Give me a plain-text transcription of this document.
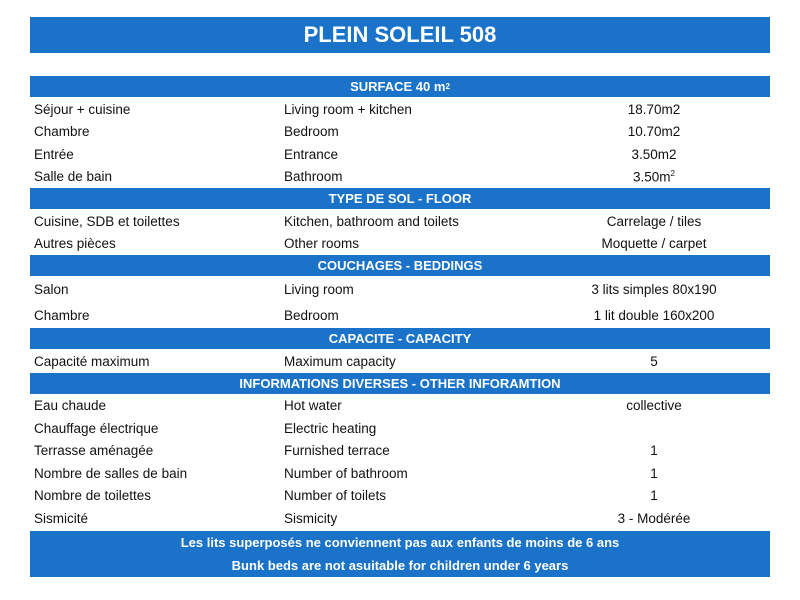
PLEIN SOLEIL 508
SURFACE 40 m 2
Séjour + cuisine	Living room + kitchen	18.70m2
Chambre	Bedroom	10.70m2
Entrée	Entrance	3.50m2
Salle de bain	Bathroom	$3.50m^2$
TYPE DE SOL - FLOOR
Cuisine, SDB et toilettes	Kitchen, bathroom and toilets	Carrelage / tiles
Autres pièces	Other rooms	Moquette / carpet
COUCHAGES - BEDDINGS
Salon	Living room	3 lits simples 80x190
Chambre	Bedroom	1 lit double 160x200
CAPACITE - CAPACITY
Capacité maximum	Maximum capacity	5
INFORMATIONS DIVERSES - OTHER INFORAMTION
Eau chaude	Hot water	collective
Chauffage électrique	Electric heating
Terrasse aménagée	Furnished terrace	1
Nombre de salles de bain	Number of bathroom	1
Nombre de toilettes	Number of toilets	1
Sismicité	Sismicity	3 - Modérée
Les lits superposés ne conviennent pas aux enfants de moins de 6 ans
Bunk beds are not asuitable for children under 6 years
